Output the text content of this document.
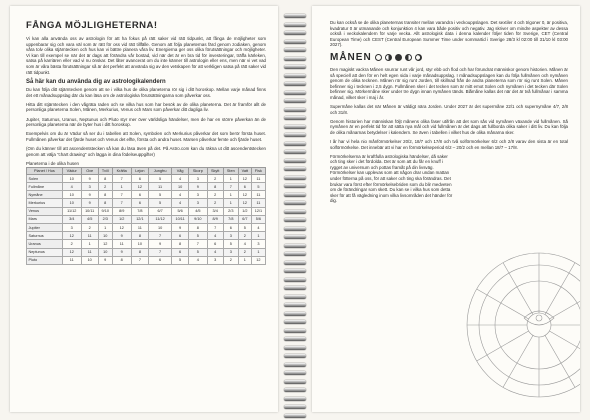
FÅNGA MÖJLIGHETERNA!

Vi kan alla använda oss av astrologin för att ha fokus på rätt saker vid rätt tidpunkt, att fånga de möjligheter som uppenbarar sig och vara väl som är rätt för oss vid rätt tillfälle. Genom att följa planeternas färd genom zodiaken, genom våra tolv olika stjärntecken och hus kan vi bättre planera våra liv. Energierna ger oss olika förutsättningar och möjligheter. Vi kan till exempel se när det är dags att förändra vår bostad, vid när det är en bra tid för investeringar, träffa kärleken, satsa på karriären eller vad vi nu önskar. Det låter avancerat om du inte känner till astrologin eller ens, men när vi vet vad som är våra bästa förutsättningar så är det perfekt att använda sig av den vetskapen för att verkligen satsa på rätt saker vid rätt tidpunkt.

Så här kan du använda dig av astrologikalendern

Du kan följa ditt stjärntecken genom att se i vilka hus de olika planeterna rör sig i ditt horoskop. Mellan varje månad finns det ett månadsuppslag där du kan läsa om de astrologiska förutsättningarna som påverkar oss.

Hitta ditt stjärntecken i den vågräta raden och se vilka hus som har besök av de olika planeterna. Det är framför allt de personliga planeterna Solen, Månen, Merkurius, Venus och Mars som påverkar ditt dagliga liv.

Jupiter, Saturnus, Uranus, Neptunus och Pluto styr mer över världsliga händelser, men de har en större påverkan än de personliga planeterna när de byter hus i ditt horoskop.

Exempelvis om du är Vädur så ser du i tabellen att Solen, symbolen och Merkurius påverkar det som berör första huset. Fullmånen påverkar det fjärde huset och Venus det elfte, första och andra huset. Marsen påverkar femte och fjärde huset.

(Om du känner till att ascendentstecken så kan du läsa även på det. På Astro.com kan du räkna ut ditt ascendentstecken genom att välja "chart drawing" och lägga in dina födelseuppgifter)

Planeterna i de olika husen

Planet / Hus	Vädur	Oxe	Tvill	Kräfta	Lejon	Jungfru	Våg	Skorp	Skytt	Sten	Vatt	Fisk
Solen	10	9	8	7	6	5	4	3	2	1	12	11
Fullmåne	4	3	2	1	12	11	10	9	8	7	6	5
Nymåne	10	9	8	7	6	5	4	3	2	1	12	11
Merkurius	10	9	8	7	6	5	4	3	2	1	12	11
Venus	11/12	10/11	9/10	8/9	7/8	6/7	5/6	4/5	3/4	2/3	1/2	12/1
Mars	3/4	4/5	2/3	1/2	12/1	11/12	10/11	9/10	8/9	7/8	6/7	5/6
Jupiter	3	2	1	12	11	10	9	8	7	6	5	4
Saturnus	12	11	10	9	8	7	6	5	4	3	2	1
Uranus	2	1	12	11	10	9	8	7	6	5	4	3
Neptunus	12	11	10	9	8	7	6	5	4	3	2	1
Pluto	11	10	9	8	7	6	5	4	3	2	1	12

Du kan också se de olika planeternas transiter mellan varandra i veckouppslagen. Det sextiler 4 och trigoner 0, är positiva, kvadratur 0 är utmanande och konjunktion 4 kan vara både positiv och negativ. Jag skriver om mindre aspekter av dessa också i veckokalendern för varje vecka. Allt astrologisk data i denna kalender följer tiden för Sverige, CET (Central European Time) och CEST (Central European Summer Time under sommartid i Sverige 28/3 kl 02:00 till 31/10 kl 03:00 2027).

MÅNEN

Den magiskt vackra Månen snurrar runt vår jord, styr ebb och flod och har förundrat människor genom historien. Månen är så speciell att den för en helt egen sida i varje månadsuppslag. I månadsuppslagen kan du följa fullmånen och nymånen genom de olika tecknen. Månen rör sig runt Jorden, till skillnad från de andra planeterna som rör sig runt Solen. Månen befinner sig i tecknen i 2,5 dygn. Fullmånen sker i det tecken som är mitt emot Solen och nymånen i det tecken där Solen befinner sig. Mörkermåne sker under tre dygn innan nymånen tänds. Blåmåne kallas det när det är två fullmånar i samma månad, vilket sker i maj i år.

Supermåne kallas det när Månen är väldigt nära Jorden. Under 2027 är det supermåne 22/1 och supernymåne 4/7, 2/8 och 31/8.

Genom historien har människan följt månens olika faser utifrån att det som sås vid nymånen växande vid fullmånen. Så nymånen är en perfekt tid för att sätta nya mål och vid fullmånen är det dags att fullborda olika saker i ditt liv. Du kan följa de olika månarnas betydelser i kalendern. Se även i tabellen i vilket hus de olika månarna sker.

I år har vi hela nio månförmörkelser 20/2, 18/7 och 17/8 och två solförmörkelser 6/2 och 2/8 varav den sista är en total solförmörkelse. Det innebär att vi har en förmörkelseperiod 6/2 – 20/2 och en mellan 18/7 – 17/8.

Förmörkelserna är kraftfulla astrologiska händelser, då saker och ting sker i det fördolda. Det är som att du får en knuff i rygget av universum och pottas framåt på din livsväg. Förmörkelser kan upplevas som att någon drar undan mattan under fötterna på oss, för att saker och ting ska förändras. Det brukar vara först efter förmörkelsebriden som du blir medveten om de förändringar som skett. Du kan se i vilka hus som detta sker för att få vägledning inom vilka livsområden det händer för dig.
